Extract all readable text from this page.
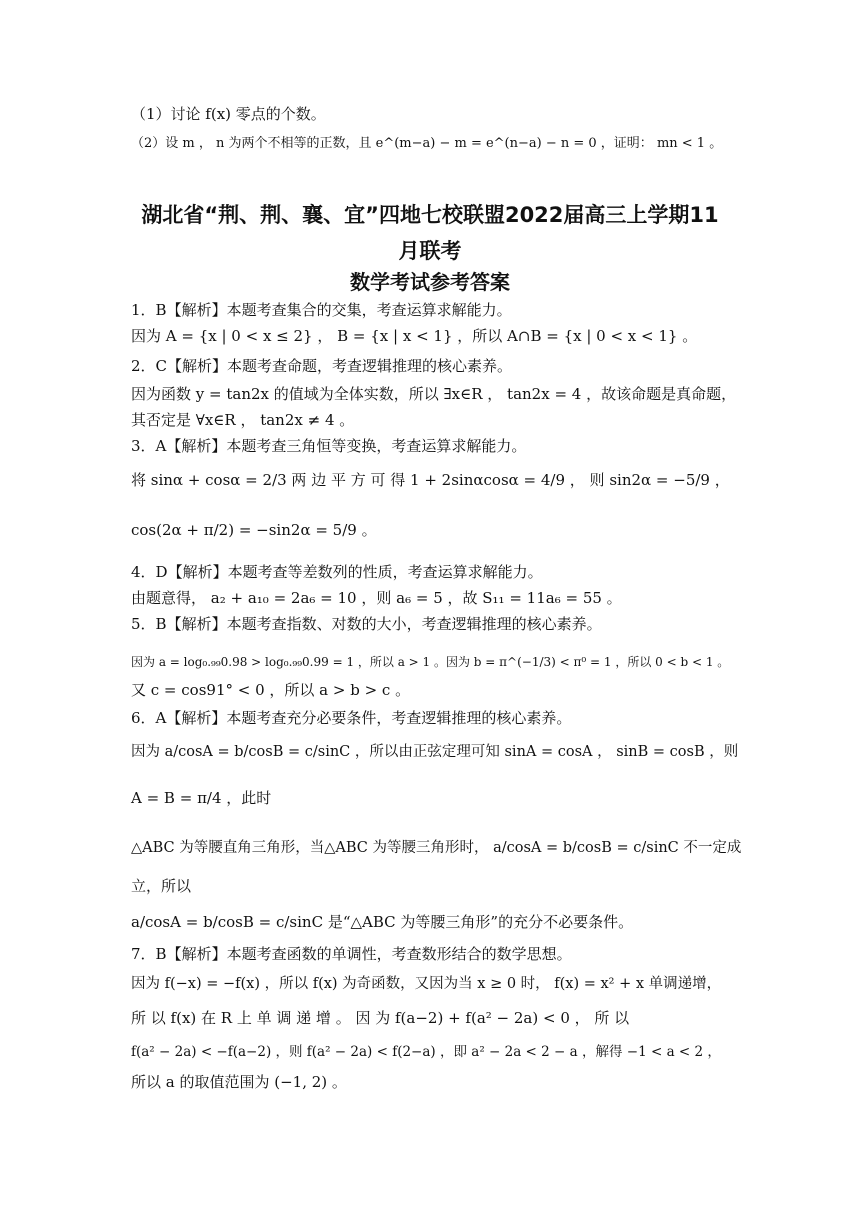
（1）讨论 f(x) 零点的个数。
（2）设 m ， n 为两个不相等的正数，且 e^(m−a) − m = e^(n−a) − n = 0 ，证明： mn < 1 。
湖北省“荆、荆、襄、宜”四地七校联盟2022届高三上学期11
月联考
数学考试参考答案
1．B【解析】本题考查集合的交集，考查运算求解能力。
因为 A = {x | 0 < x ≤ 2} ， B = {x | x < 1} ，所以 A∩B = {x | 0 < x < 1} 。
2．C【解析】本题考查命题，考查逻辑推理的核心素养。
因为函数 y = tan2x 的值域为全体实数，所以 ∃x∈R ， tan2x = 4 ，故该命题是真命题，
其否定是 ∀x∈R ， tan2x ≠ 4 。
3．A【解析】本题考查三角恒等变换，考查运算求解能力。
将 sinα + cosα = 2/3 两 边 平 方 可 得 1 + 2sinαcosα = 4/9 ， 则 sin2α = −5/9 ，
cos(2α + π/2) = −sin2α = 5/9 。
4．D【解析】本题考查等差数列的性质，考查运算求解能力。
由题意得， a₂ + a₁₀ = 2a₆ = 10 ，则 a₆ = 5 ，故 S₁₁ = 11a₆ = 55 。
5．B【解析】本题考查指数、对数的大小，考查逻辑推理的核心素养。
因为 a = log₀.₉₉0.98 > log₀.₉₉0.99 = 1 ，所以 a > 1 。因为 b = π^(−1/3) < π⁰ = 1 ，所以 0 < b < 1 。
又 c = cos91° < 0 ，所以 a > b > c 。
6．A【解析】本题考查充分必要条件，考查逻辑推理的核心素养。
因为 a/cosA = b/cosB = c/sinC ，所以由正弦定理可知 sinA = cosA ， sinB = cosB ，则
A = B = π/4 ，此时
△ABC 为等腰直角三角形，当△ABC 为等腰三角形时， a/cosA = b/cosB = c/sinC 不一定成
立，所以
a/cosA = b/cosB = c/sinC 是“△ABC 为等腰三角形”的充分不必要条件。
7．B【解析】本题考查函数的单调性，考查数形结合的数学思想。
因为 f(−x) = −f(x) ，所以 f(x) 为奇函数，又因为当 x ≥ 0 时， f(x) = x² + x 单调递增，
所 以 f(x) 在 R 上 单 调 递 增 。 因 为 f(a−2) + f(a² − 2a) < 0 ， 所 以
f(a² − 2a) < −f(a−2) ，则 f(a² − 2a) < f(2−a) ，即 a² − 2a < 2 − a ，解得 −1 < a < 2 ，
所以 a 的取值范围为 (−1, 2) 。
